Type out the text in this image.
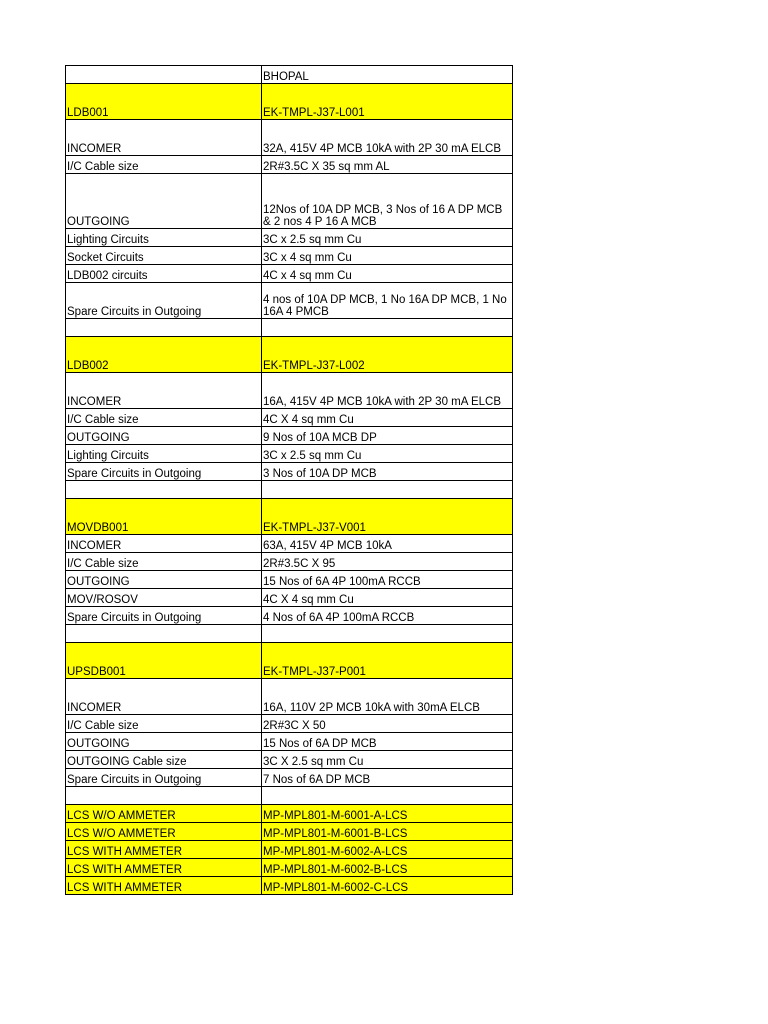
	BHOPAL
LDB001	EK-TMPL-J37-L001
INCOMER	32A, 415V 4P MCB 10kA with 2P 30 mA ELCB
I/C Cable size	2R#3.5C X 35 sq mm AL
OUTGOING	12Nos of 10A DP MCB, 3 Nos of 16 A DP MCB & 2 nos 4 P 16 A MCB
Lighting Circuits	3C x 2.5 sq mm Cu
Socket Circuits	3C x 4 sq mm Cu
LDB002 circuits	4C x 4 sq mm Cu
Spare Circuits in Outgoing	4 nos of 10A DP MCB, 1 No 16A DP MCB, 1 No 16A 4 PMCB

LDB002	EK-TMPL-J37-L002
INCOMER	16A, 415V 4P MCB 10kA with 2P 30 mA ELCB
I/C Cable size	4C X 4 sq mm Cu
OUTGOING	9 Nos of 10A MCB DP
Lighting Circuits	3C x 2.5 sq mm Cu
Spare Circuits in Outgoing	3 Nos of 10A DP MCB

MOVDB001	EK-TMPL-J37-V001
INCOMER	63A, 415V 4P MCB 10kA
I/C Cable size	2R#3.5C X 95
OUTGOING	15 Nos of 6A 4P 100mA RCCB
MOV/ROSOV	4C X 4 sq mm Cu
Spare Circuits in Outgoing	4 Nos of 6A 4P 100mA RCCB

UPSDB001	EK-TMPL-J37-P001
INCOMER	16A, 110V 2P MCB 10kA with 30mA ELCB
I/C Cable size	2R#3C X 50
OUTGOING	15 Nos of 6A DP MCB
OUTGOING Cable size	3C X 2.5 sq mm Cu
Spare Circuits in Outgoing	7 Nos of 6A DP MCB

LCS W/O AMMETER	MP-MPL801-M-6001-A-LCS
LCS W/O AMMETER	MP-MPL801-M-6001-B-LCS
LCS WITH AMMETER	MP-MPL801-M-6002-A-LCS
LCS WITH AMMETER	MP-MPL801-M-6002-B-LCS
LCS WITH AMMETER	MP-MPL801-M-6002-C-LCS
